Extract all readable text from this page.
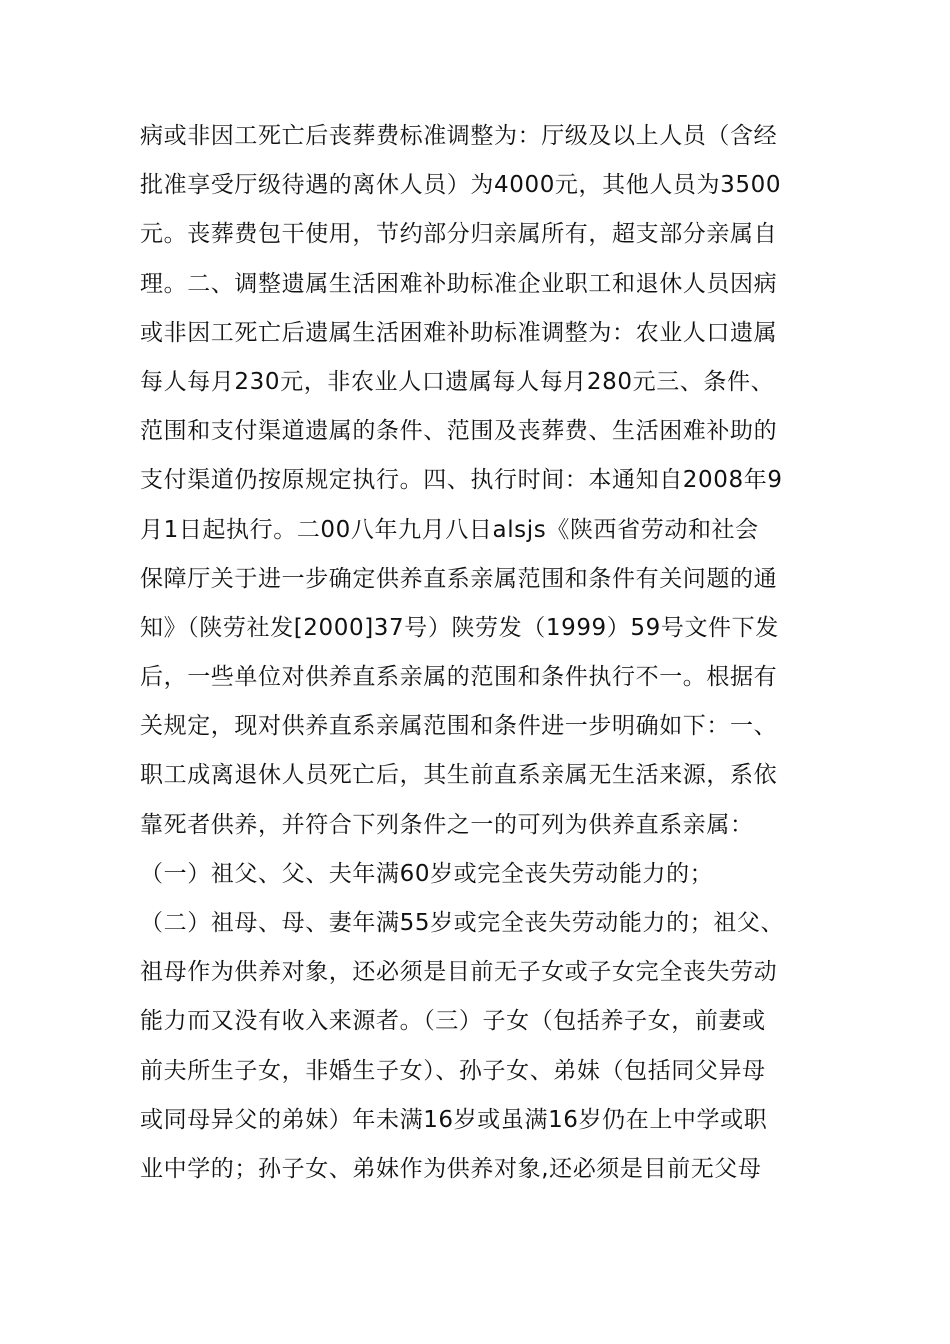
病或非因工死亡后丧葬费标准调整为：厅级及以上人员（含经
批准享受厅级待遇的离休人员）为4000元，其他人员为3500
元。丧葬费包干使用，节约部分归亲属所有，超支部分亲属自
理。二、调整遗属生活困难补助标准企业职工和退休人员因病
或非因工死亡后遗属生活困难补助标准调整为：农业人口遗属
每人每月230元，非农业人口遗属每人每月280元三、条件、
范围和支付渠道遗属的条件、范围及丧葬费、生活困难补助的
支付渠道仍按原规定执行。四、执行时间：本通知自2008年9
月1日起执行。二00八年九月八日alsjs《陕西省劳动和社会
保障厅关于进一步确定供养直系亲属范围和条件有关问题的通
知》（陕劳社发[2000]37号）陕劳发（1999）59号文件下发
后，一些单位对供养直系亲属的范围和条件执行不一。根据有
关规定，现对供养直系亲属范围和条件进一步明确如下：一、
职工成离退休人员死亡后，其生前直系亲属无生活来源，系依
靠死者供养，并符合下列条件之一的可列为供养直系亲属：
（一）祖父、父、夫年满60岁或完全丧失劳动能力的；
（二）祖母、母、妻年满55岁或完全丧失劳动能力的；祖父、
祖母作为供养对象，还必须是目前无子女或子女完全丧失劳动
能力而又没有收入来源者。（三）子女（包括养子女，前妻或
前夫所生子女，非婚生子女）、孙子女、弟妹（包括同父异母
或同母异父的弟妹）年未满16岁或虽满16岁仍在上中学或职
业中学的；孙子女、弟妹作为供养对象,还必须是目前无父母
